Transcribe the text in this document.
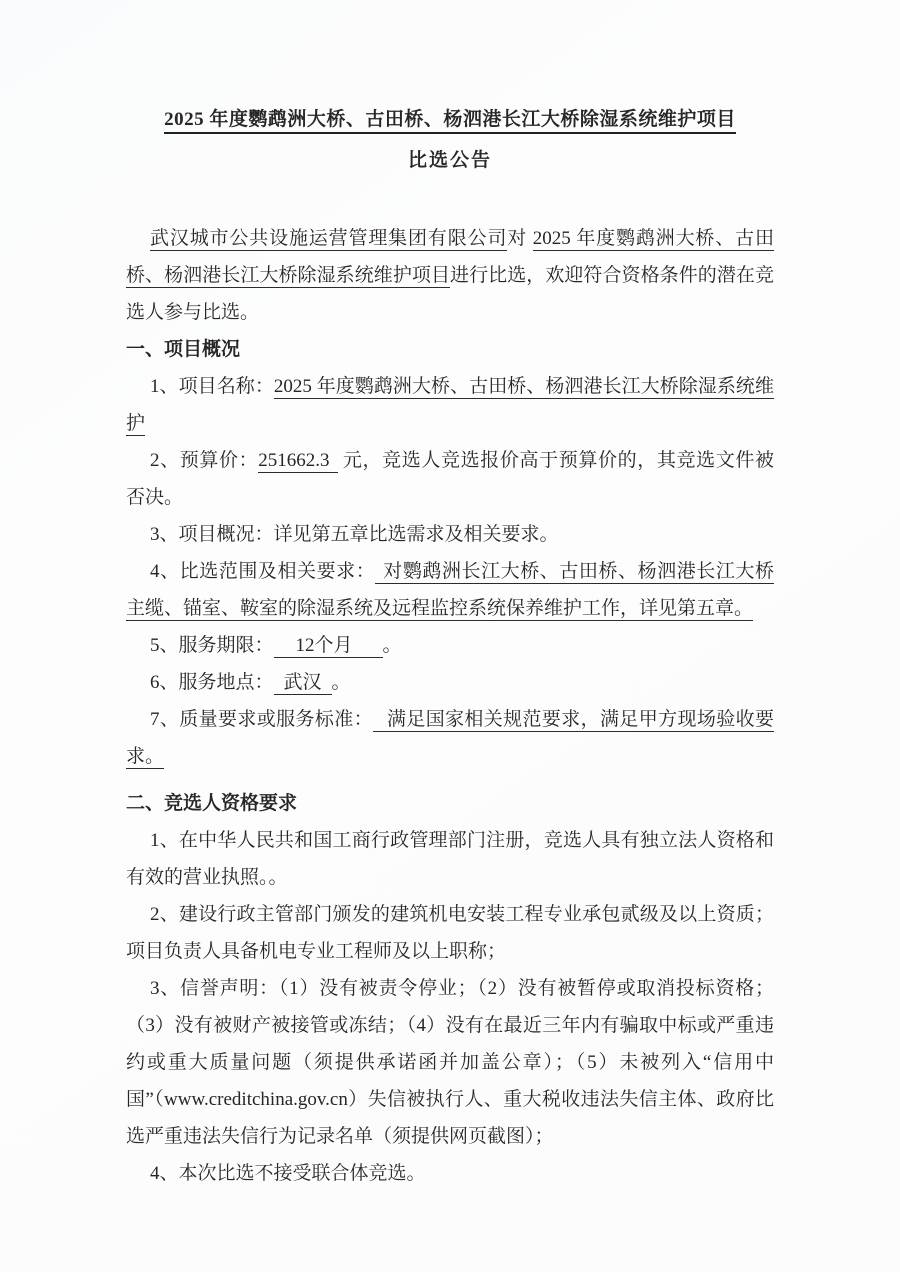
2025 年度鹦鹉洲大桥、古田桥、杨泗港长江大桥除湿系统维护项目
比选公告

武汉城市公共设施运营管理集团有限公司对 2025 年度鹦鹉洲大桥、古田桥、杨泗港长江大桥除湿系统维护项目进行比选，欢迎符合资格条件的潜在竞选人参与比选。

一、项目概况

1、项目名称：2025 年度鹦鹉洲大桥、古田桥、杨泗港长江大桥除湿系统维护

2、预算价：251662.3 元，竞选人竞选报价高于预算价的，其竞选文件被否决。

3、项目概况：详见第五章比选需求及相关要求。

4、比选范围及相关要求： 对鹦鹉洲长江大桥、古田桥、杨泗港长江大桥主缆、锚室、鞍室的除湿系统及远程监控系统保养维护工作，详见第五章。

5、服务期限： 12个月 。

6、服务地点： 武汉 。

7、质量要求或服务标准： 满足国家相关规范要求，满足甲方现场验收要求。

二、竞选人资格要求

1、在中华人民共和国工商行政管理部门注册，竞选人具有独立法人资格和有效的营业执照。。

2、建设行政主管部门颁发的建筑机电安装工程专业承包贰级及以上资质；项目负责人具备机电专业工程师及以上职称；

3、信誉声明：（1）没有被责令停业；（2）没有被暂停或取消投标资格；（3）没有被财产被接管或冻结；（4）没有在最近三年内有骗取中标或严重违约或重大质量问题（须提供承诺函并加盖公章）；（5）未被列入“信用中国”（www.creditchina.gov.cn）失信被执行人、重大税收违法失信主体、政府比选严重违法失信行为记录名单（须提供网页截图）；

4、本次比选不接受联合体竞选。
